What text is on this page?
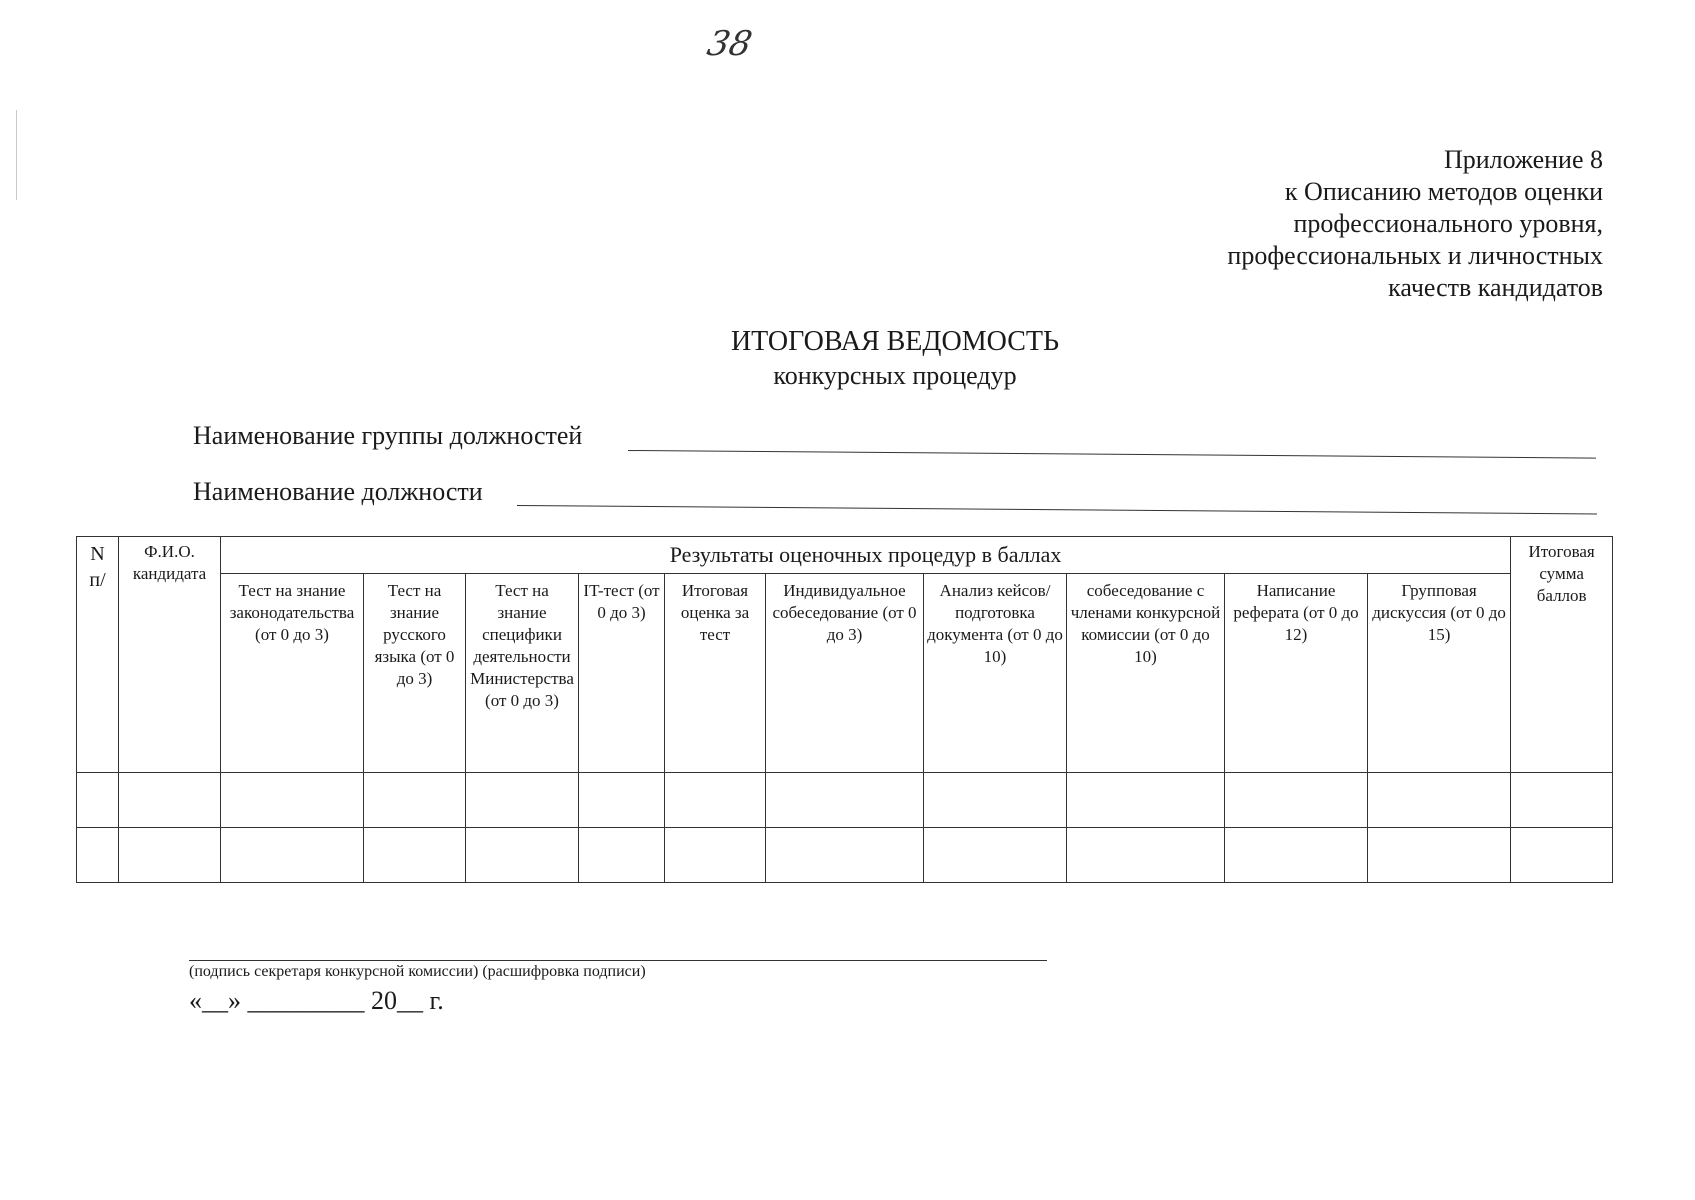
38
Приложение 8
к Описанию методов оценки
профессионального уровня,
профессиональных и личностных
качеств кандидатов
ИТОГОВАЯ ВЕДОМОСТЬ
конкурсных процедур
Наименование группы должностей
Наименование должности
N п/	Ф.И.О. кандидата	Результаты оценочных процедур в баллах										Итоговая сумма баллов
		Тест на знание законодательства (от 0 до 3)	Тест на знание русского языка (от 0 до 3)	Тест на знание специфики деятельности Министерства (от 0 до 3)	IT-тест (от 0 до 3)	Итоговая оценка за тест	Индивидуальное собеседование (от 0 до 3)	Анализ кейсов/подготовка документа (от 0 до 10)	собеседование с членами конкурсной комиссии (от 0 до 10)	Написание реферата (от 0 до 12)	Групповая дискуссия (от 0 до 15)	

(подпись секретаря конкурсной комиссии) (расшифровка подписи)
«__» _________ 20__ г.
